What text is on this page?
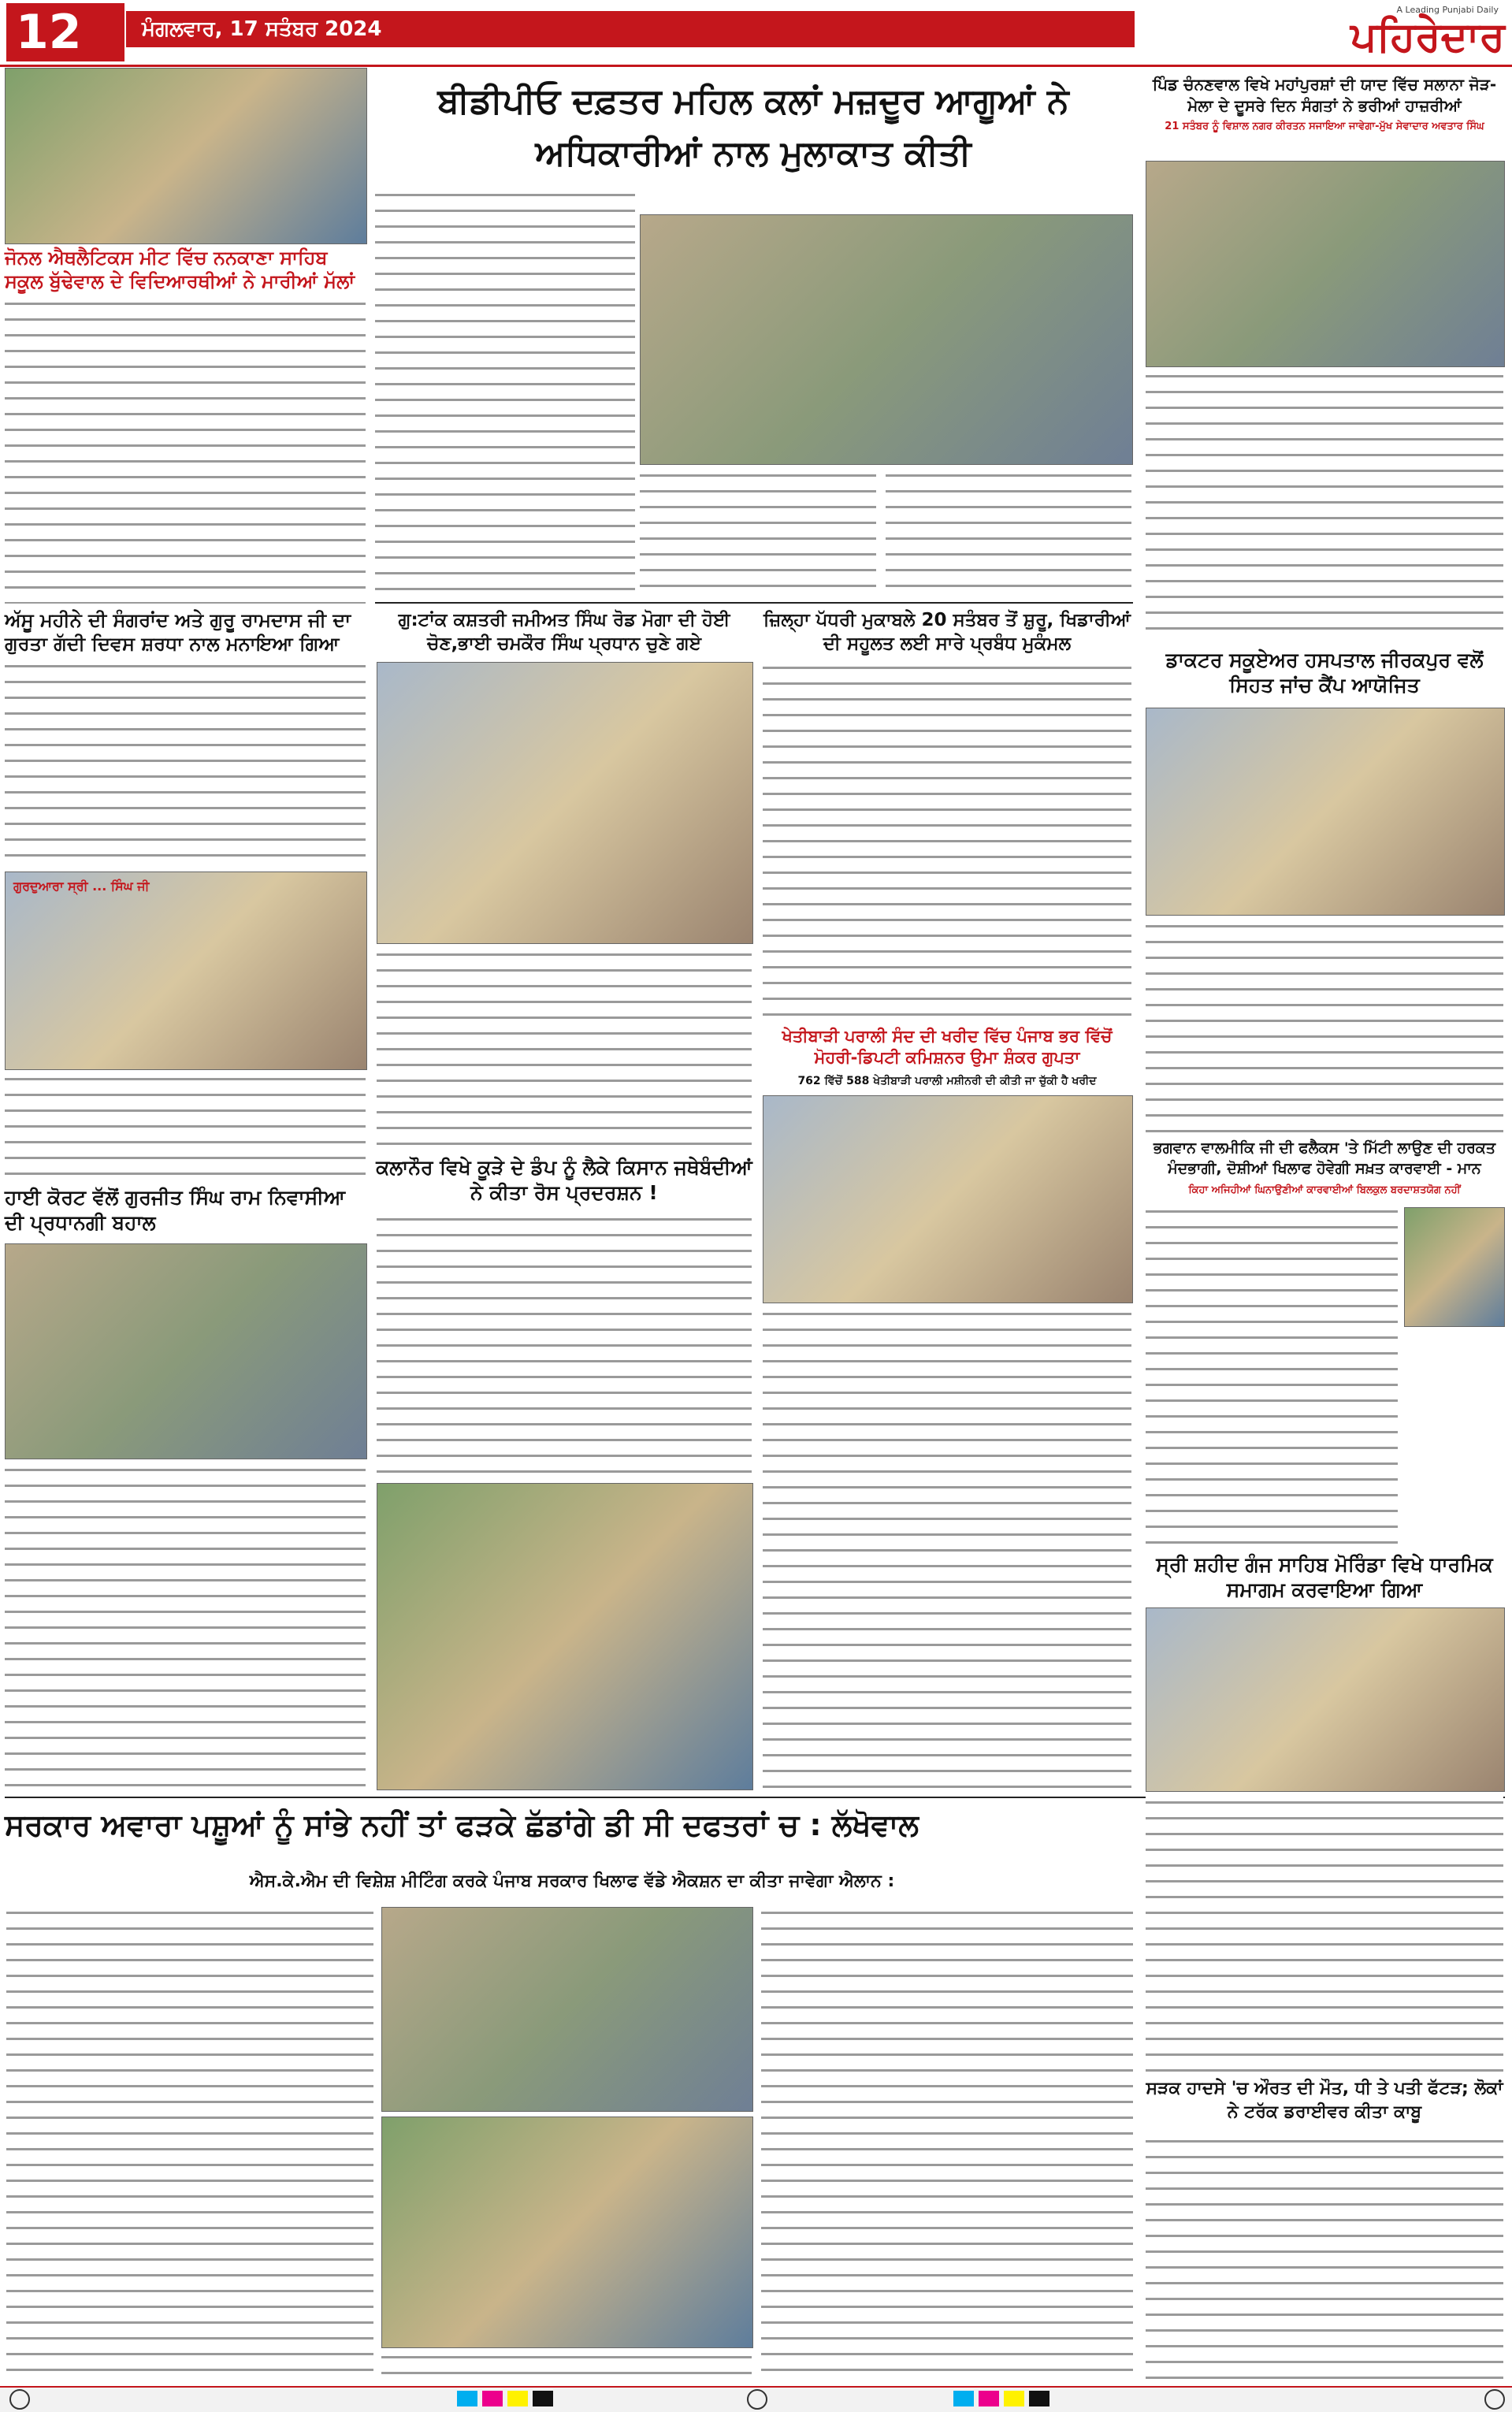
12	ਮੰਗਲਵਾਰ, 17 ਸਤੰਬਰ 2024
A Leading Punjabi Daily
ਪਹਿਰੇਦਾਰ
ਜੋਨਲ ਐਥਲੈਟਿਕਸ ਮੀਟ ਵਿੱਚ ਨਨਕਾਣਾ ਸਾਹਿਬ ਸਕੂਲ ਬੁੱਢੇਵਾਲ ਦੇ ਵਿਦਿਆਰਥੀਆਂ ਨੇ ਮਾਰੀਆਂ ਮੱਲਾਂ
ਅੱਸੂ ਮਹੀਨੇ ਦੀ ਸੰਗਰਾਂਦ ਅਤੇ ਗੁਰੂ ਰਾਮਦਾਸ ਜੀ ਦਾ ਗੁਰਤਾ ਗੱਦੀ ਦਿਵਸ ਸ਼ਰਧਾ ਨਾਲ ਮਨਾਇਆ ਗਿਆ
ਗੁਰਦੁਆਰਾ ਸ੍ਰੀ ... ਸਿੰਘ ਜੀ
ਹਾਈ ਕੋਰਟ ਵੱਲੋਂ ਗੁਰਜੀਤ ਸਿੰਘ ਰਾਮ ਨਿਵਾਸੀਆ ਦੀ ਪ੍ਰਧਾਨਗੀ ਬਹਾਲ
ਬੀਡੀਪੀਓ ਦਫ਼ਤਰ ਮਹਿਲ ਕਲਾਂ ਮਜ਼ਦੂਰ ਆਗੂਆਂ ਨੇ ਅਧਿਕਾਰੀਆਂ ਨਾਲ ਮੁਲਾਕਾਤ ਕੀਤੀ
ਗੁ:ਟਾਂਕ ਕਸ਼ਤਰੀ ਜਮੀਅਤ ਸਿੰਘ ਰੋਡ ਮੋਗਾ ਦੀ ਹੋਈ ਚੋਣ,ਭਾਈ ਚਮਕੌਰ ਸਿੰਘ ਪ੍ਰਧਾਨ ਚੁਣੇ ਗਏ
ਕਲਾਨੌਰ ਵਿਖੇ ਕੂੜੇ ਦੇ ਡੰਪ ਨੂੰ ਲੈਕੇ ਕਿਸਾਨ ਜਥੇਬੰਦੀਆਂ ਨੇ ਕੀਤਾ ਰੋਸ ਪ੍ਰਦਰਸ਼ਨ !
ਜ਼ਿਲ੍ਹਾ ਪੱਧਰੀ ਮੁਕਾਬਲੇ 20 ਸਤੰਬਰ ਤੋਂ ਸ਼ੁਰੂ, ਖਿਡਾਰੀਆਂ ਦੀ ਸਹੂਲਤ ਲਈ ਸਾਰੇ ਪ੍ਰਬੰਧ ਮੁਕੰਮਲ
ਖੇਤੀਬਾੜੀ ਪਰਾਲੀ ਸੰਦ ਦੀ ਖਰੀਦ ਵਿੱਚ ਪੰਜਾਬ ਭਰ ਵਿੱਚੋਂ ਮੋਹਰੀ-ਡਿਪਟੀ ਕਮਿਸ਼ਨਰ ਉਮਾ ਸ਼ੰਕਰ ਗੁਪਤਾ
762 ਵਿੱਚੋਂ 588 ਖੇਤੀਬਾੜੀ ਪਰਾਲੀ ਮਸ਼ੀਨਰੀ ਦੀ ਕੀਤੀ ਜਾ ਚੁੱਕੀ ਹੈ ਖਰੀਦ
ਪਿੰਡ ਚੰਨਣਵਾਲ ਵਿਖੇ ਮਹਾਂਪੁਰਸ਼ਾਂ ਦੀ ਯਾਦ ਵਿੱਚ ਸਲਾਨਾ ਜੋੜ-ਮੇਲਾ ਦੇ ਦੂਸਰੇ ਦਿਨ ਸੰਗਤਾਂ ਨੇ ਭਰੀਆਂ ਹਾਜ਼ਰੀਆਂ
21 ਸਤੰਬਰ ਨੂੰ ਵਿਸ਼ਾਲ ਨਗਰ ਕੀਰਤਨ ਸਜਾਇਆ ਜਾਵੇਗਾ-ਮੁੱਖ ਸੇਵਾਦਾਰ ਅਵਤਾਰ ਸਿੰਘ
ਡਾਕਟਰ ਸਕੂਏਅਰ ਹਸਪਤਾਲ ਜੀਰਕਪੁਰ ਵਲੋਂ ਸਿਹਤ ਜਾਂਚ ਕੈਂਪ ਆਯੋਜਿਤ
ਭਗਵਾਨ ਵਾਲਮੀਕਿ ਜੀ ਦੀ ਫਲੈਕਸ 'ਤੇ ਮਿੱਟੀ ਲਾਉਣ ਦੀ ਹਰਕਤ ਮੰਦਭਾਗੀ, ਦੋਸ਼ੀਆਂ ਖਿਲਾਫ ਹੋਵੇਗੀ ਸਖ਼ਤ ਕਾਰਵਾਈ - ਮਾਨ
ਕਿਹਾ ਅਜਿਹੀਆਂ ਘਿਨਾਉਣੀਆਂ ਕਾਰਵਾਈਆਂ ਬਿਲਕੁਲ ਬਰਦਾਸ਼ਤਯੋਗ ਨਹੀਂ
ਸ੍ਰੀ ਸ਼ਹੀਦ ਗੰਜ ਸਾਹਿਬ ਮੋਰਿੰਡਾ ਵਿਖੇ ਧਾਰਮਿਕ ਸਮਾਗਮ ਕਰਵਾਇਆ ਗਿਆ
ਸਰਕਾਰ ਅਵਾਰਾ ਪਸ਼ੂਆਂ ਨੂੰ ਸਾਂਭੇ ਨਹੀਂ ਤਾਂ ਫੜਕੇ ਛੱਡਾਂਗੇ ਡੀ ਸੀ ਦਫਤਰਾਂ ਚ : ਲੱਖੋਵਾਲ
ਐਸ.ਕੇ.ਐਮ ਦੀ ਵਿਸ਼ੇਸ਼ ਮੀਟਿੰਗ ਕਰਕੇ ਪੰਜਾਬ ਸਰਕਾਰ ਖਿਲਾਫ ਵੱਡੇ ਐਕਸ਼ਨ ਦਾ ਕੀਤਾ ਜਾਵੇਗਾ ਐਲਾਨ :
ਸੜਕ ਹਾਦਸੇ 'ਚ ਔਰਤ ਦੀ ਮੌਤ, ਧੀ ਤੇ ਪਤੀ ਫੱਟੜ; ਲੋਕਾਂ ਨੇ ਟਰੱਕ ਡਰਾਈਵਰ ਕੀਤਾ ਕਾਬੂ
